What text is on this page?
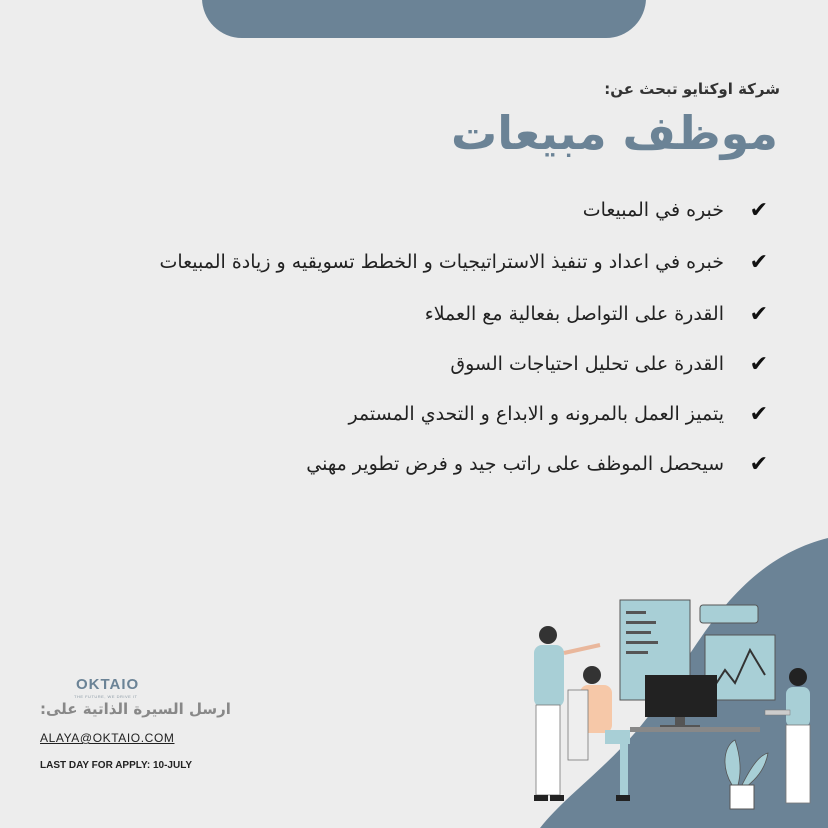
شركة اوكتايو تبحث عن:
موظف مبيعات
✔
خبره في المبيعات
✔
خبره في اعداد و تنفيذ الاستراتيجيات و الخطط تسويقيه و زيادة المبيعات
✔
القدرة على التواصل بفعالية مع العملاء
✔
القدرة على تحليل احتياجات السوق
✔
يتميز العمل بالمرونه و الابداع و التحدي المستمر
✔
سيحصل الموظف على راتب جيد و فرض تطوير مهني
OKTAIO
THE FUTURE, WE DRIVE IT
ارسل السيرة الذاتية على:
ALAYA@OKTAIO.COM
LAST DAY FOR APPLY: 10-JULY
